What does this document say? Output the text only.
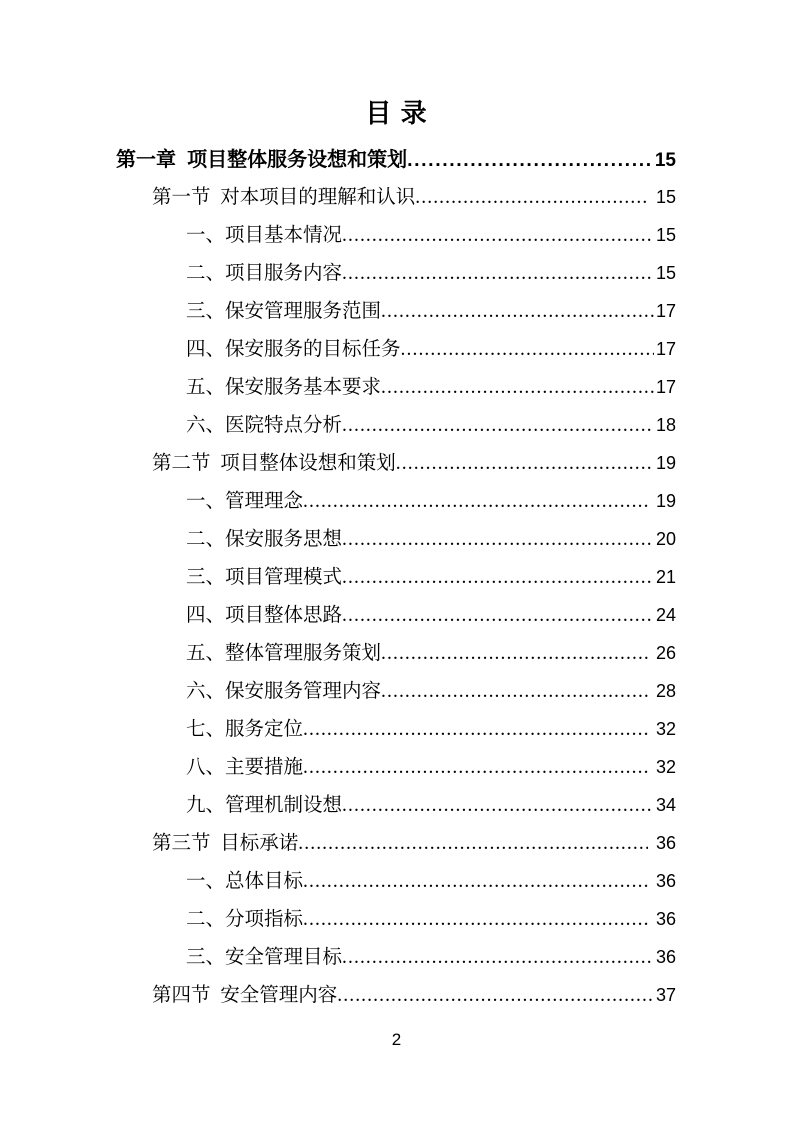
目 录
第一章  项目整体服务设想和策划 .....	15
第一节  对本项目的理解和认识 .....	15
一、项目基本情况 .....	15
二、项目服务内容 .....	15
三、保安管理服务范围 .....	17
四、保安服务的目标任务 .....	17
五、保安服务基本要求 .....	17
六、医院特点分析 .....	18
第二节  项目整体设想和策划 .....	19
一、管理理念 .....	19
二、保安服务思想 .....	20
三、项目管理模式 .....	21
四、项目整体思路 .....	24
五、整体管理服务策划 .....	26
六、保安服务管理内容 .....	28
七、服务定位 .....	32
八、主要措施 .....	32
九、管理机制设想 .....	34
第三节  目标承诺 .....	36
一、总体目标 .....	36
二、分项指标 .....	36
三、安全管理目标 .....	36
第四节  安全管理内容 .....	37
2
